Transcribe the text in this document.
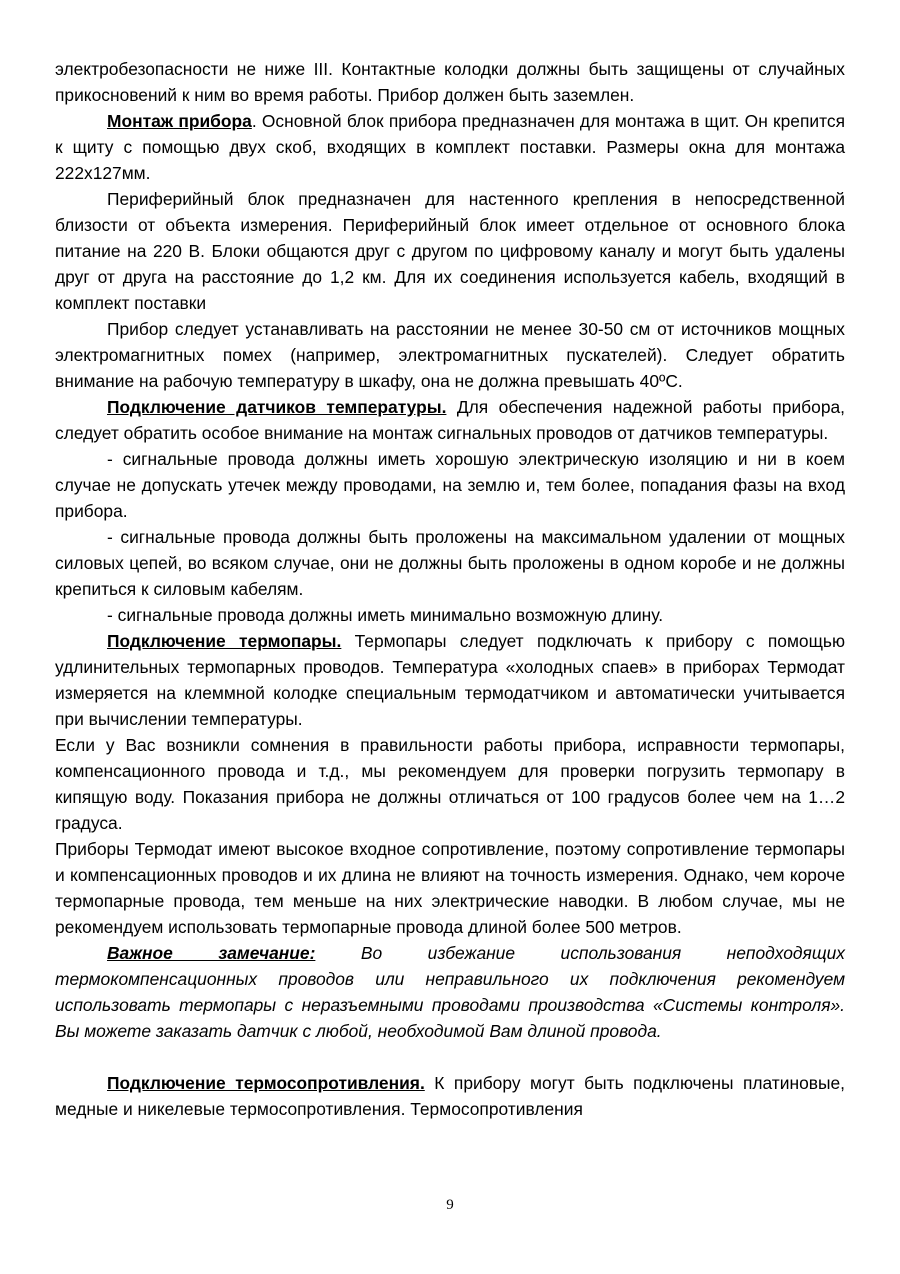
электробезопасности не ниже III. Контактные колодки должны быть защищены от случайных прикосновений к ним во время работы. Прибор должен быть заземлен.

Монтаж прибора. Основной блок прибора предназначен для монтажа в щит. Он крепится к щиту с помощью двух скоб, входящих в комплект поставки. Размеры окна для монтажа 222х127мм.

Периферийный блок предназначен для настенного крепления в непосредственной близости от объекта измерения. Периферийный блок имеет отдельное от основного блока питание на 220 В. Блоки общаются друг с другом по цифровому каналу и могут быть удалены друг от друга на расстояние до 1,2 км. Для их соединения используется кабель, входящий в комплект поставки

Прибор следует устанавливать на расстоянии не менее 30-50 см от источников мощных электромагнитных помех (например, электромагнитных пускателей). Следует обратить внимание на рабочую температуру в шкафу, она не должна превышать 40ºС.

Подключение датчиков температуры. Для обеспечения надежной работы прибора, следует обратить особое внимание на монтаж сигнальных проводов от датчиков температуры.

- сигнальные провода должны иметь хорошую электрическую изоляцию и ни в коем случае не допускать утечек между проводами, на землю и, тем более, попадания фазы на вход прибора.

- сигнальные провода должны быть проложены на максимальном удалении от мощных силовых цепей, во всяком случае, они не должны быть проложены в одном коробе и не должны крепиться к силовым кабелям.

- сигнальные провода должны иметь минимально возможную длину.

Подключение термопары. Термопары следует подключать к прибору с помощью удлинительных термопарных проводов. Температура «холодных спаев» в приборах Термодат измеряется на клеммной колодке специальным термодатчиком и автоматически учитывается при вычислении температуры.

Если у Вас возникли сомнения в правильности работы прибора, исправности термопары, компенсационного провода и т.д., мы рекомендуем для проверки погрузить термопару в кипящую воду. Показания прибора не должны отличаться от 100 градусов более чем на 1…2 градуса.

Приборы Термодат имеют высокое входное сопротивление, поэтому сопротивление термопары и компенсационных проводов и их длина не влияют на точность измерения. Однако, чем короче термопарные провода, тем меньше на них электрические наводки. В любом случае, мы не рекомендуем использовать термопарные провода длиной более 500 метров.

Важное замечание: Во избежание использования неподходящих термокомпенсационных проводов или неправильного их подключения рекомендуем использовать термопары с неразъемными проводами производства «Системы контроля». Вы можете заказать датчик с любой, необходимой Вам длиной провода.

Подключение термосопротивления. К прибору могут быть подключены платиновые, медные и никелевые термосопротивления. Термосопротивления

9
